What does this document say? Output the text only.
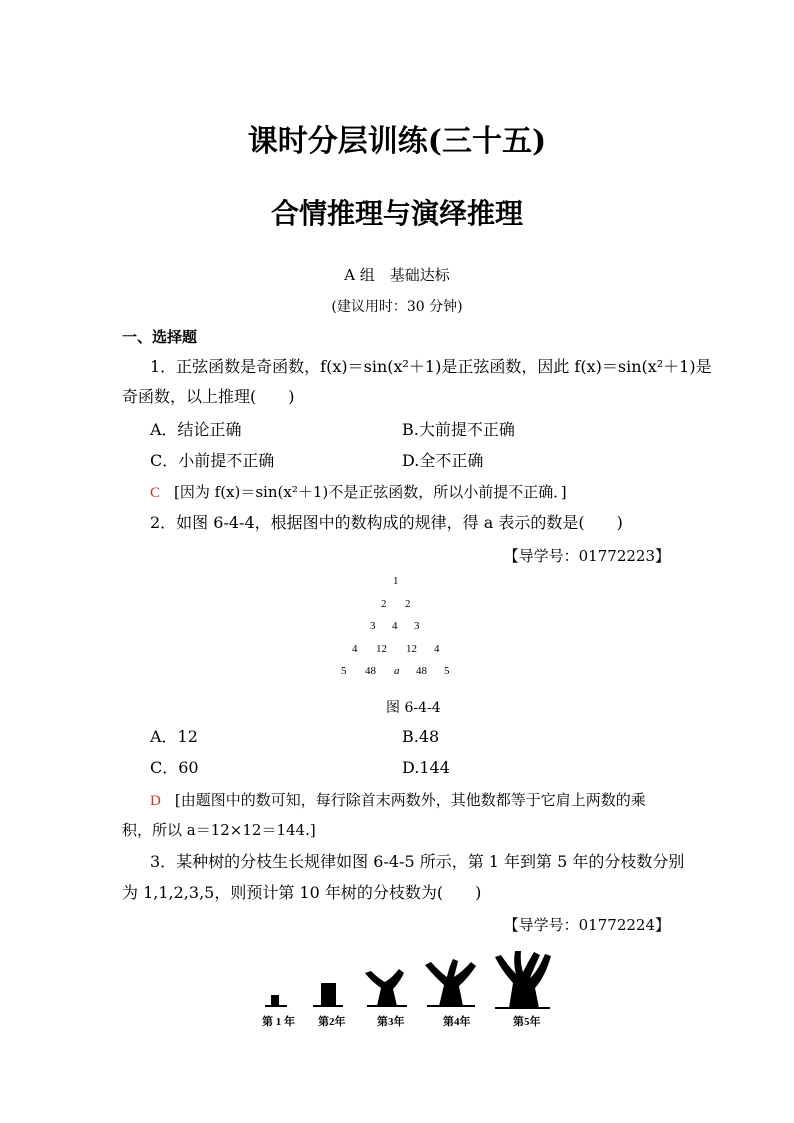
课时分层训练(三十五)
合情推理与演绎推理
A 组　基础达标
(建议用时：30 分钟)
一、选择题
1．正弦函数是奇函数，f(x)＝sin(x²＋1)是正弦函数，因此 f(x)＝sin(x²＋1)是
奇函数，以上推理(　　)
A．结论正确	B.大前提不正确
C．小前提不正确	D.全不正确
C [因为 f(x)＝sin(x²＋1)不是正弦函数，所以小前提不正确．]
2．如图 6-4-4，根据图中的数构成的规律，得 a 表示的数是(　　)
【导学号：01772223】
1
2 2
3 4 3
4 12 12 4
5 48 a 48 5
图 6-4-4
A．12	B.48
C．60	D.144
D [由题图中的数可知，每行除首末两数外，其他数都等于它肩上两数的乘
积，所以 a＝12×12＝144.]
3．某种树的分枝生长规律如图 6-4-5 所示，第 1 年到第 5 年的分枝数分别
为 1,1,2,3,5，则预计第 10 年树的分枝数为(　　)
【导学号：01772224】
第 1 年 第2年	第3年	第4年	第5年
